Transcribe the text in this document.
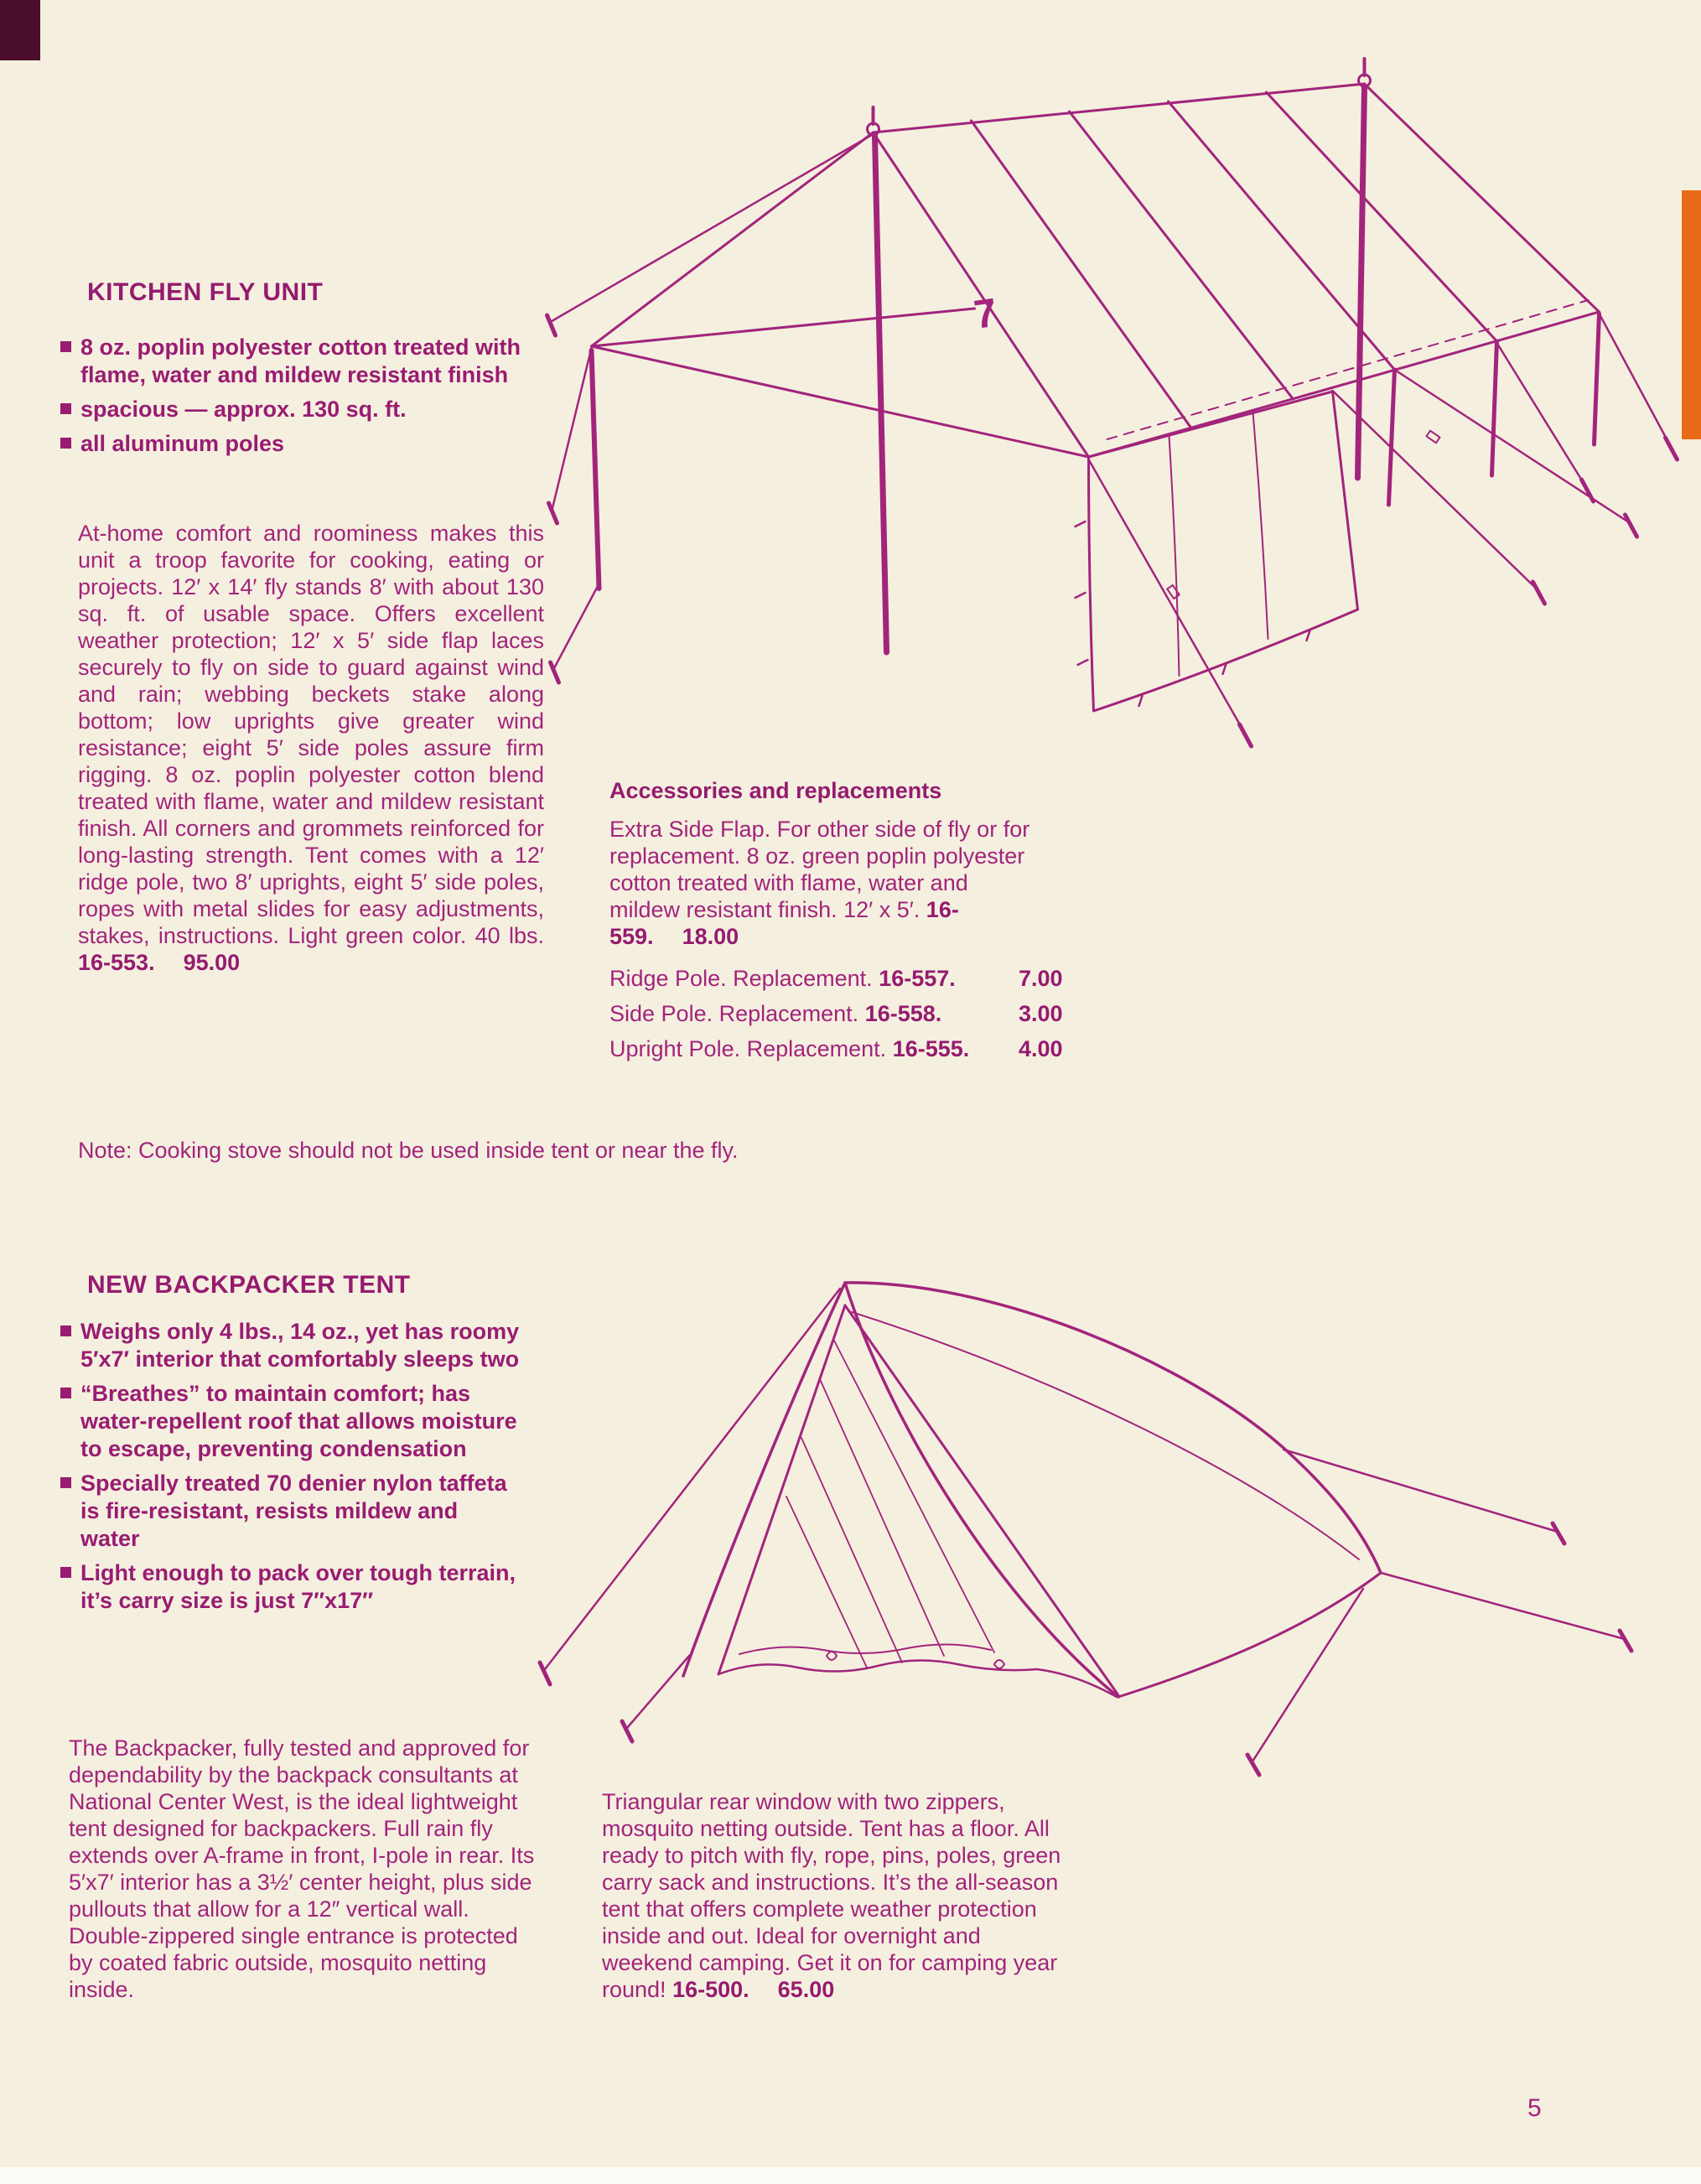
KITCHEN FLY UNIT
8 oz. poplin polyester cotton treated with flame, water and mildew resistant finish
spacious — approx. 130 sq. ft.
all aluminum poles

At-home comfort and roominess makes this unit a troop favorite for cooking, eating or projects. 12′ x 14′ fly stands 8′ with about 130 sq. ft. of usable space. Offers excellent weather protection; 12′ x 5′ side flap laces securely to fly on side to guard against wind and rain; webbing beckets stake along bottom; low uprights give greater wind resistance; eight 5′ side poles assure firm rigging. 8 oz. poplin polyester cotton blend treated with flame, water and mildew resistant finish. All corners and grommets reinforced for long-lasting strength. Tent comes with a 12′ ridge pole, two 8′ uprights, eight 5′ side poles, ropes with metal slides for easy adjustments, stakes, instructions. Light green color. 40 lbs. 16-553. 95.00

7
Accessories and replacements

Extra Side Flap. For other side of fly or for replacement. 8 oz. green poplin polyester cotton treated with flame, water and mildew resistant finish. 12′ x 5′. 16-559. 18.00

Ridge Pole. Replacement. 16-557.	7.00
Side Pole. Replacement. 16-558.	3.00
Upright Pole. Replacement. 16-555. 4.00

Note: Cooking stove should not be used inside tent or near the fly.

NEW BACKPACKER TENT
Weighs only 4 lbs., 14 oz., yet has roomy 5′x7′ interior that comfortably sleeps two
“Breathes” to maintain comfort; has water-repellent roof that allows moisture to escape, preventing condensation
Specially treated 70 denier nylon taffeta is fire-resistant, resists mildew and water
Light enough to pack over tough terrain, it’s carry size is just 7″x17″

The Backpacker, fully tested and approved for dependability by the backpack consultants at National Center West, is the ideal lightweight tent designed for backpackers. Full rain fly extends over A-frame in front, I-pole in rear. Its 5′x7′ interior has a 3½′ center height, plus side pullouts that allow for a 12″ vertical wall. Double-zippered single entrance is protected by coated fabric outside, mosquito netting inside.

Triangular rear window with two zippers, mosquito netting outside. Tent has a floor. All ready to pitch with fly, rope, pins, poles, green carry sack and instructions. It’s the all-season tent that offers complete weather protection inside and out. Ideal for overnight and weekend camping. Get it on for camping year round! 16-500. 65.00

5
